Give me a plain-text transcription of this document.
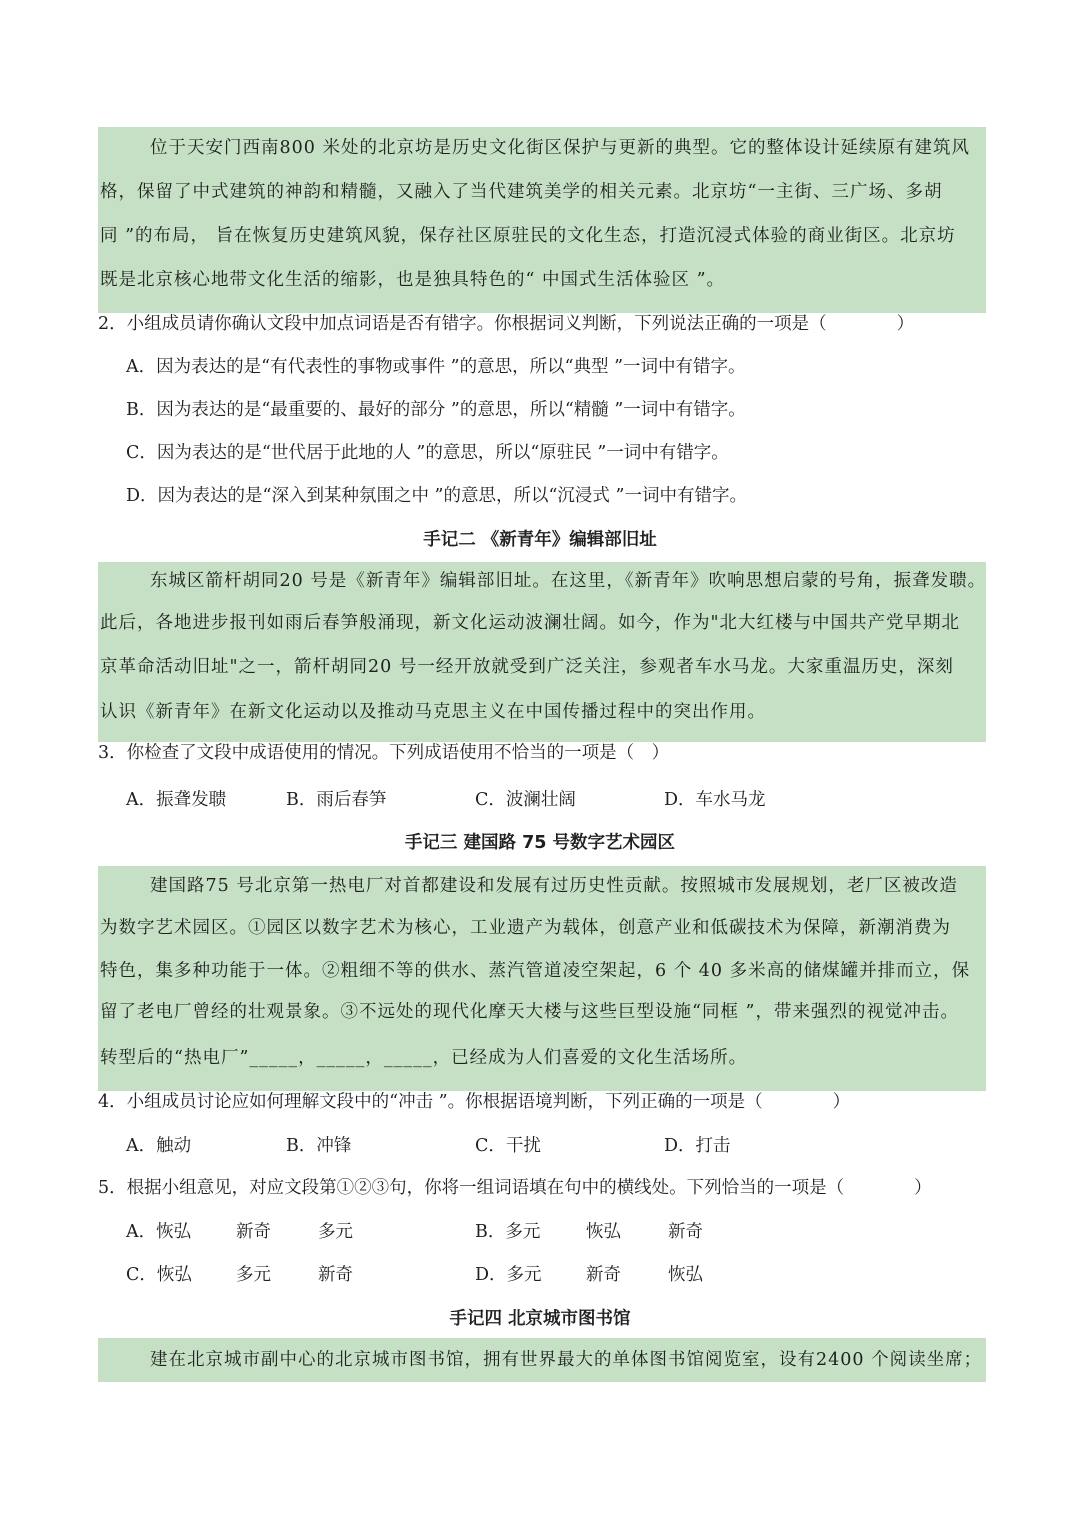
位于天安门西南800 米处的北京坊是历史文化街区保护与更新的典型。它的整体设计延续原有建筑风
格，保留了中式建筑的神韵和精髓，又融入了当代建筑美学的相关元素。北京坊“一主街、三广场、多胡
同 ”的布局， 旨在恢复历史建筑风貌，保存社区原驻民的文化生态，打造沉浸式体验的商业街区。北京坊
既是北京核心地带文化生活的缩影，也是独具特色的“ 中国式生活体验区 ”。
2．小组成员请你确认文段中加点词语是否有错字。你根据词义判断，下列说法正确的一项是（　　　　）
A．因为表达的是“有代表性的事物或事件 ”的意思，所以“典型 ”一词中有错字。
B．因为表达的是“最重要的、最好的部分 ”的意思，所以“精髓 ”一词中有错字。
C．因为表达的是“世代居于此地的人 ”的意思，所以“原驻民 ”一词中有错字。
D．因为表达的是“深入到某种氛围之中 ”的意思，所以“沉浸式 ”一词中有错字。
手记二 《新青年》编辑部旧址
东城区箭杆胡同20 号是《新青年》编辑部旧址。在这里，《新青年》吹响思想启蒙的号角，振聋发聩。
此后，各地进步报刊如雨后春笋般涌现，新文化运动波澜壮阔。如今，作为"北大红楼与中国共产党早期北
京革命活动旧址"之一，箭杆胡同20 号一经开放就受到广泛关注，参观者车水马龙。大家重温历史，深刻
认识《新青年》在新文化运动以及推动马克思主义在中国传播过程中的突出作用。
3．你检查了文段中成语使用的情况。下列成语使用不恰当的一项是（　）
A．振聋发聩	B．雨后春笋	C．波澜壮阔	D．车水马龙
手记三 建国路 75 号数字艺术园区
建国路75 号北京第一热电厂对首都建设和发展有过历史性贡献。按照城市发展规划，老厂区被改造
为数字艺术园区。①园区以数字艺术为核心，工业遗产为载体，创意产业和低碳技术为保障，新潮消费为
特色，集多种功能于一体。②粗细不等的供水、蒸汽管道凌空架起，6 个 40 多米高的储煤罐并排而立，保
留了老电厂曾经的壮观景象。③不远处的现代化摩天大楼与这些巨型设施“同框 ”，带来强烈的视觉冲击。
转型后的“热电厂”_____，_____，_____，已经成为人们喜爱的文化生活场所。
4．小组成员讨论应如何理解文段中的“冲击 ”。你根据语境判断，下列正确的一项是（　　　　）
A．触动	B．冲锋	C．干扰	D．打击
5．根据小组意见，对应文段第①②③句，你将一组词语填在句中的横线处。下列恰当的一项是（　　　　）
A．恢弘	新奇	多元	B．多元	恢弘	新奇
C．恢弘	多元	新奇	D．多元	新奇	恢弘
手记四 北京城市图书馆
建在北京城市副中心的北京城市图书馆，拥有世界最大的单体图书馆阅览室，设有2400 个阅读坐席；
